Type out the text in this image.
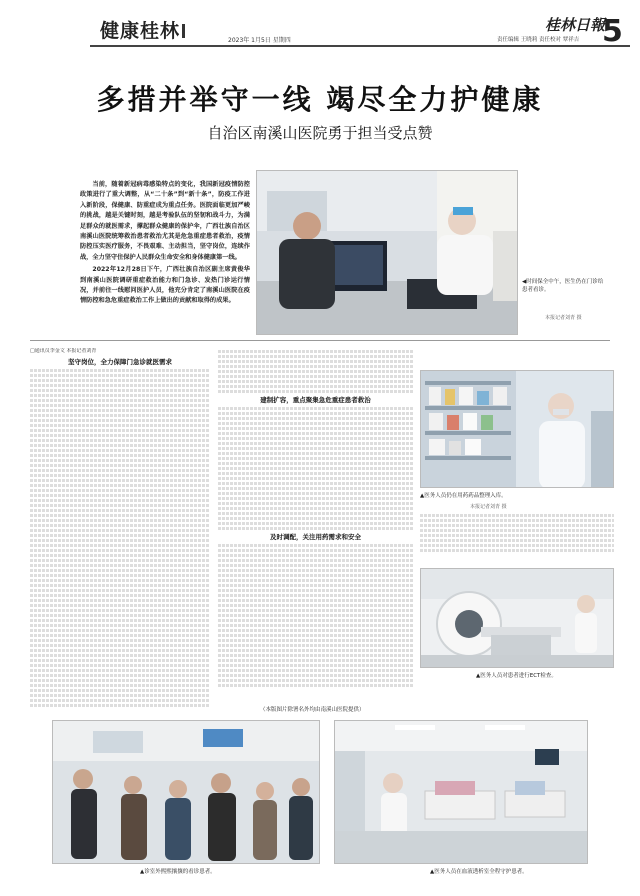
健康桂林	2023年 1月5日 星期四
桂林日報
责任编辑 王晓莉 责任校对 覃祥吉 5
多措并举守一线 竭尽全力护健康
自治区南溪山医院勇于担当受点赞

当前，随着新冠病毒感染特点的变化，我国新冠疫情防控政策进行了重大调整，从“二十条”到“新十条”，防疫工作进入新阶段，保健康、防重症成为重点任务。医院面临更加严峻的挑战，越是关键时刻，越是考验队伍的坚韧和战斗力，为满足群众的就医需求，撑起群众健康的保护伞，广西壮族自治区南溪山医院统筹救治患者救治尤其是危急重症患者救治，疫情防控压实医疗服务，不畏艰难、主动担当，坚守岗位，连续作战，全力坚守住保护人民群众生命安全和身体健康第一线。

2022年12月28日下午，广西壮族自治区副主席黄俊华到南溪山医院调研重症救治能力和门急诊、发热门诊运行情况，并前往一线慰问医护人员，他充分肯定了南溪山医院在疫情防控和急危重症救治工作上做出的贡献和取得的成果。

◀时间保全中午，医生仍在门诊给患者看诊。
本报记者刘青 摄
□通讯员李金文 本报记者刘青
坚守岗位，全力保障门急诊就医需求
建制扩容，重点聚集急危重症患者救治
及时调配，关注用药需求和安全
▲医务人员仍在用药药品整理入库。
本报记者刘青 摄
▲医务人员对患者进行ECT检查。
（本版图片除署名外均由南溪山医院提供）
▲诊室外熙熙攘攘的看诊患者。	▲医务人员在血液透析室全程守护患者。
